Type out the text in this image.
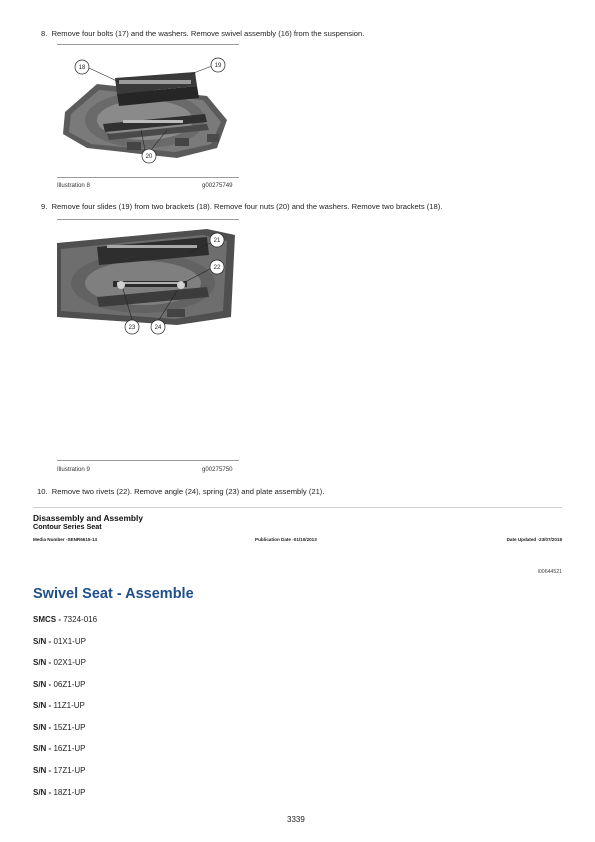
8. Remove four bolts (17) and the washers. Remove swivel assembly (16) from the suspension.
18	19
20
Illustration 8	g00275749
9. Remove four slides (19) from two brackets (18). Remove four nuts (20) and the washers. Remove two brackets (18).
21
22
23	24
Illustration 9	g00275750
10. Remove two rivets (22). Remove angle (24), spring (23) and plate assembly (21).
Disassembly and Assembly
Contour Series Seat
Media Number -SENR6615-13	Publication Date -01/10/2013	Date Updated -23/07/2018
i00644521
Swivel Seat - Assemble
SMCS - 7324-016
S/N - 01X1-UP
S/N - 02X1-UP
S/N - 06Z1-UP
S/N - 11Z1-UP
S/N - 15Z1-UP
S/N - 16Z1-UP
S/N - 17Z1-UP
S/N - 18Z1-UP
3339
